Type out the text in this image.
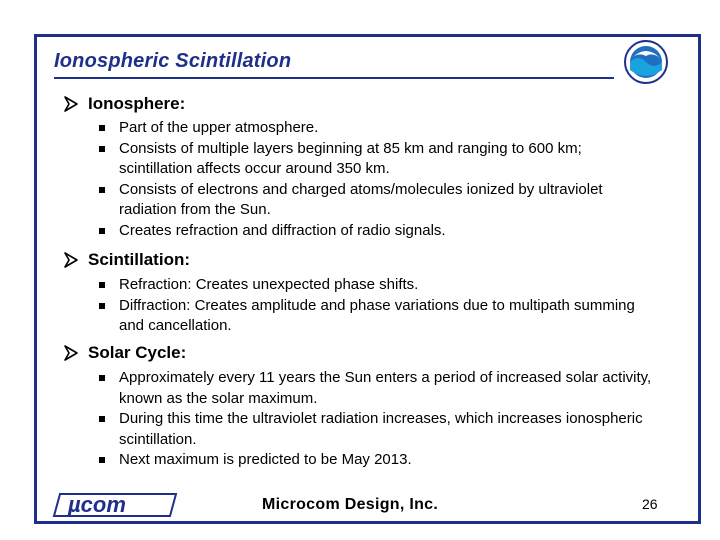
Ionospheric Scintillation
Ionosphere:
Part of the upper atmosphere.
Consists of multiple layers beginning at 85 km and ranging to 600 km; scintillation affects occur around 350 km.
Consists of electrons and charged atoms/molecules ionized by ultraviolet radiation from the Sun.
Creates refraction and diffraction of radio signals.
Scintillation:
Refraction: Creates unexpected phase shifts.
Diffraction: Creates amplitude and phase variations due to multipath summing and cancellation.
Solar Cycle:
Approximately every 11 years the Sun enters a period of increased solar activity, known as the solar maximum.
During this time the ultraviolet radiation increases, which increases ionospheric scintillation.
Next maximum is predicted to be May 2013.
µcom	Microcom Design, Inc.	26
